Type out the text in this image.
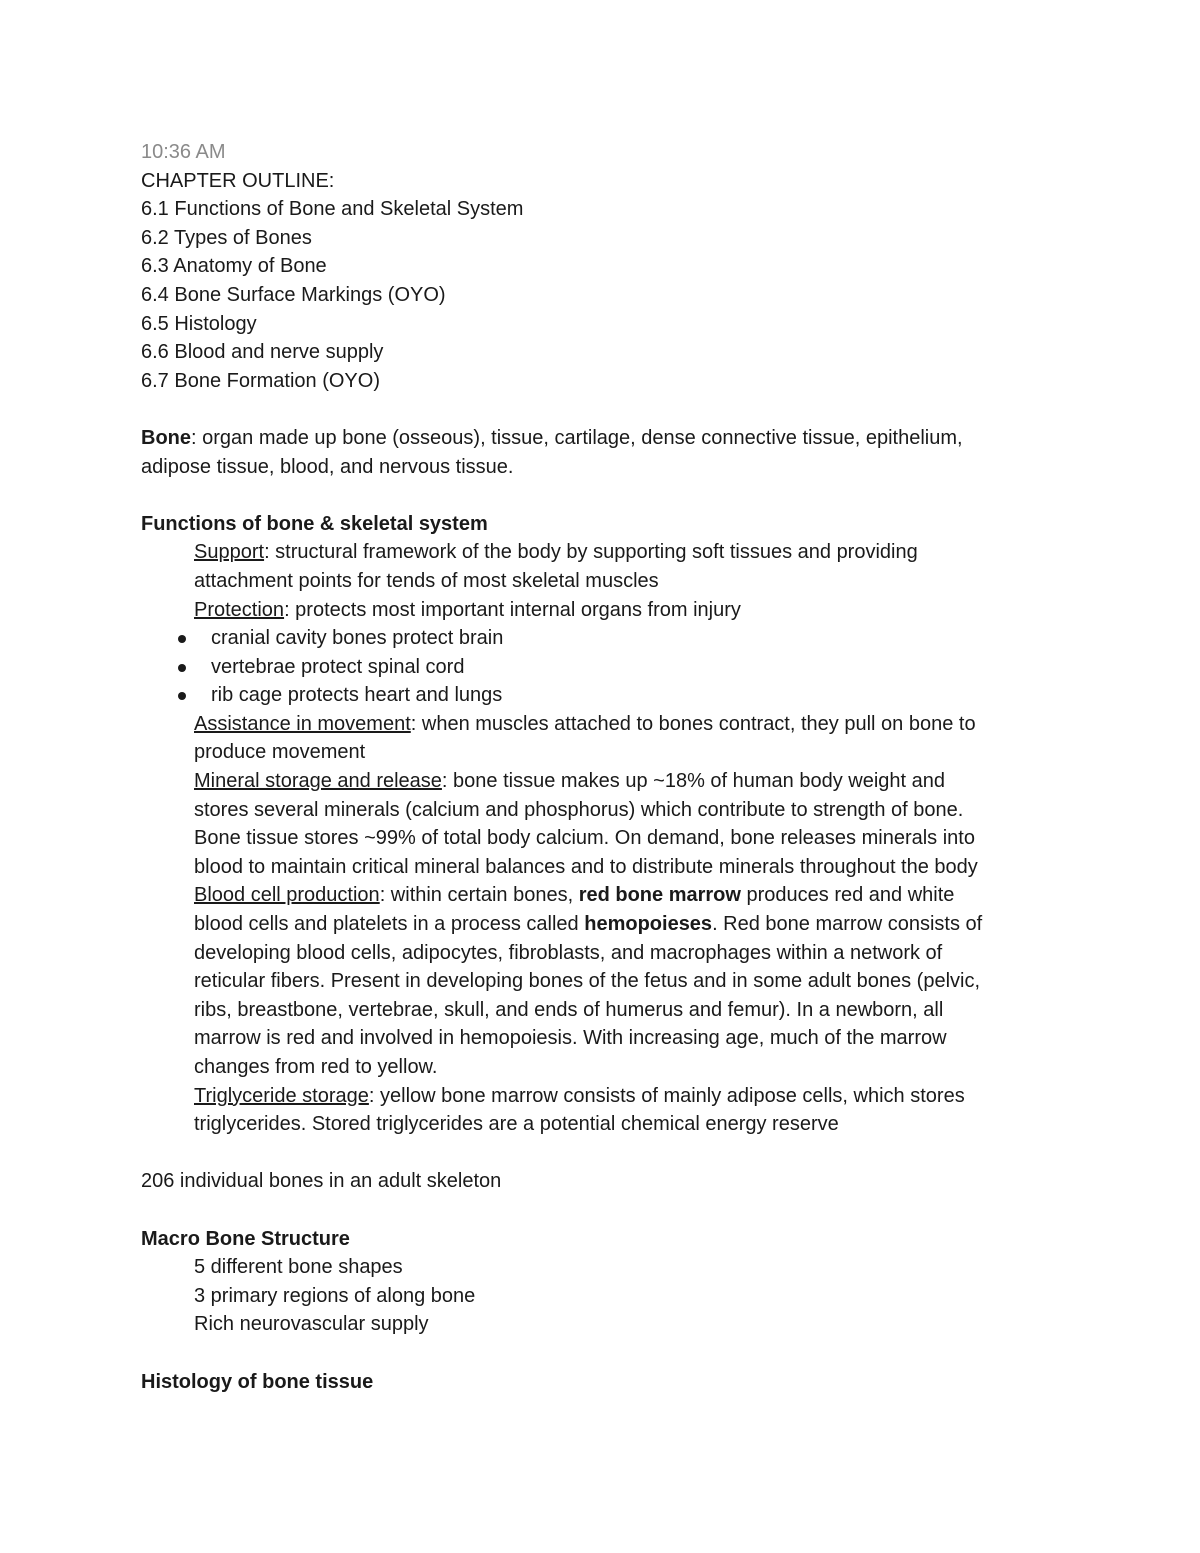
10:36 AM
CHAPTER OUTLINE:
6.1 Functions of Bone and Skeletal System
6.2 Types of Bones
6.3 Anatomy of Bone
6.4 Bone Surface Markings (OYO)
6.5 Histology
6.6 Blood and nerve supply
6.7 Bone Formation (OYO)
Bone: organ made up bone (osseous), tissue, cartilage, dense connective tissue, epithelium,
adipose tissue, blood, and nervous tissue.
Functions of bone & skeletal system
Support: structural framework of the body by supporting soft tissues and providing
attachment points for tends of most skeletal muscles
Protection: protects most important internal organs from injury
cranial cavity bones protect brain
vertebrae protect spinal cord
rib cage protects heart and lungs
Assistance in movement: when muscles attached to bones contract, they pull on bone to
produce movement
Mineral storage and release: bone tissue makes up ~18% of human body weight and
stores several minerals (calcium and phosphorus) which contribute to strength of bone.
Bone tissue stores ~99% of total body calcium. On demand, bone releases minerals into
blood to maintain critical mineral balances and to distribute minerals throughout the body
Blood cell production: within certain bones, red bone marrow produces red and white
blood cells and platelets in a process called hemopoieses. Red bone marrow consists of
developing blood cells, adipocytes, fibroblasts, and macrophages within a network of
reticular fibers. Present in developing bones of the fetus and in some adult bones (pelvic,
ribs, breastbone, vertebrae, skull, and ends of humerus and femur). In a newborn, all
marrow is red and involved in hemopoiesis. With increasing age, much of the marrow
changes from red to yellow.
Triglyceride storage: yellow bone marrow consists of mainly adipose cells, which stores
triglycerides. Stored triglycerides are a potential chemical energy reserve
206 individual bones in an adult skeleton
Macro Bone Structure
5 different bone shapes
3 primary regions of along bone
Rich neurovascular supply
Histology of bone tissue
